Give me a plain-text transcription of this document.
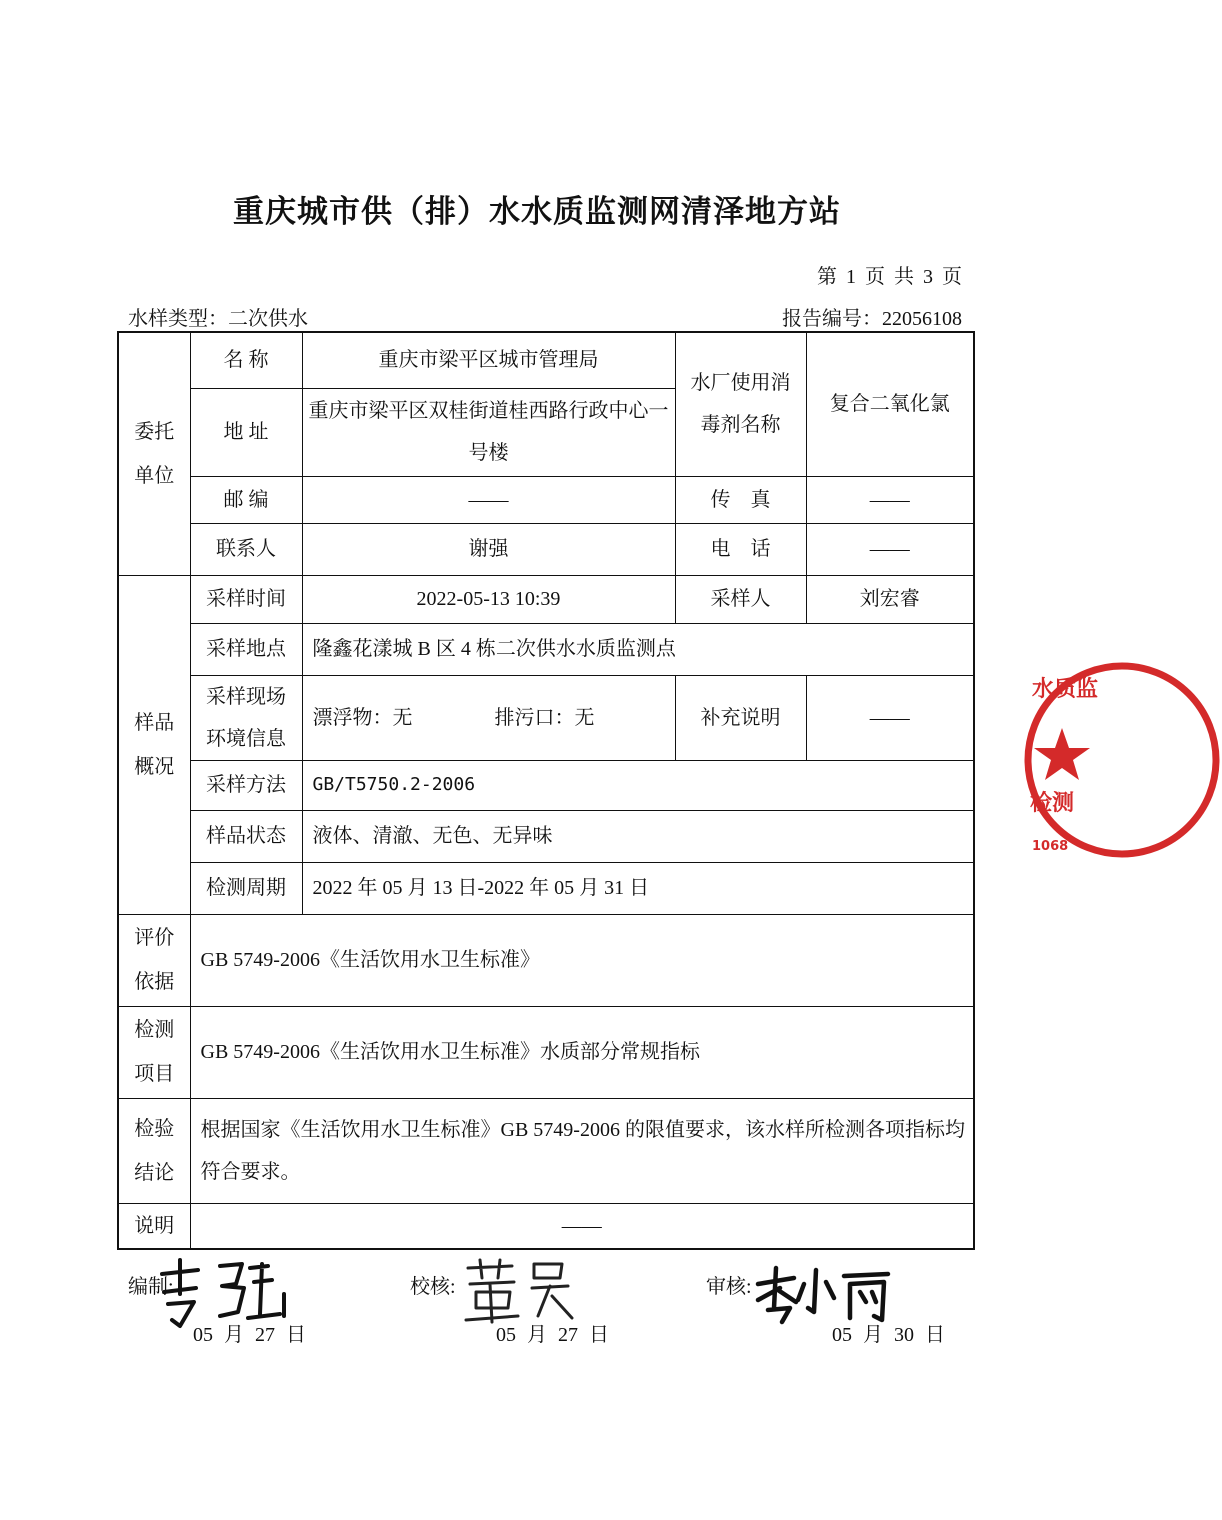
重庆城市供（排）水水质监测网清泽地方站
第 1 页 共 3 页
水样类型：二次供水	报告编号：22056108
委托单位	名 称	重庆市梁平区城市管理局	水厂使用消毒剂名称	复合二氧化氯
	地 址	重庆市梁平区双桂街道桂西路行政中心一号楼		
	邮 编	——	传　真	——
	联系人	谢强	电　话	——

样品概况	采样时间	2022-05-13 10:39	采样人	刘宏睿
	采样地点	隆鑫花漾城 B 区 4 栋二次供水水质监测点		

	采样现场环境信息	漂浮物：无 排污口：无	补充说明	——
	采样方法	GB/T5750.2-2006		
	样品状态	液体、清澈、无色、无异味		
	检测周期	2022 年 05 月 13 日-2022 年 05 月 31 日		

评价依据	GB 5749-2006《生活饮用水卫生标准》			

检测项目	GB 5749-2006《生活饮用水卫生标准》水质部分常规指标			

检验结论	根据国家《生活饮用水卫生标准》GB 5749-2006 的限值要求，该水样所检测各项指标均符合要求。			
说明	——			
编制:	校核:	审核:
05 月 27 日	05 月 27 日	05 月 30 日
水质监
检测
1068
